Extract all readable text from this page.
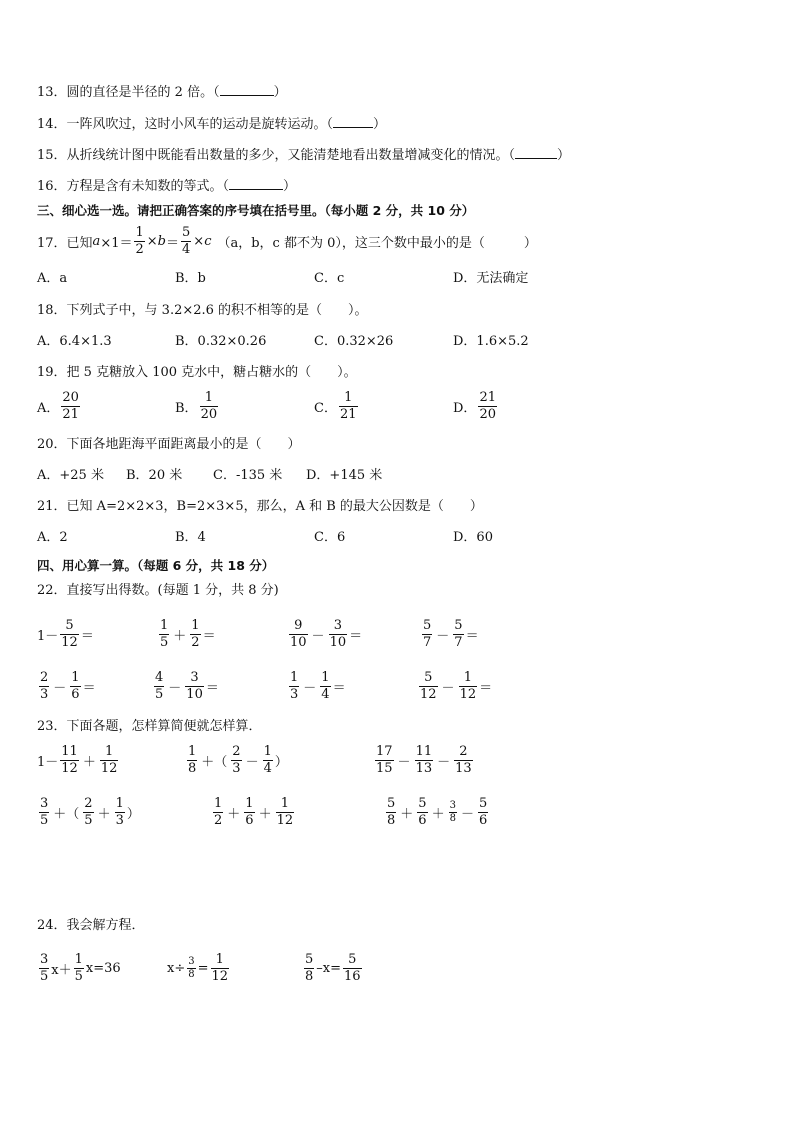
13．圆的直径是半径的 2 倍。（	）
14．一阵风吹过，这时小风车的运动是旋转运动。（	）
15．从折线统计图中既能看出数量的多少，又能清楚地看出数量增减变化的情况。（	）
16．方程是含有未知数的等式。（	）
三、细心选一选。请把正确答案的序号填在括号里。（每小题 2 分，共 10 分）
17．已知 $a \times 1= \frac{1}{2} \times b = \frac{5}{4} \times c$ （a，b，c 都不为 0），这三个数中最小的是（　　　）
A．a	B．b	C．c	D．无法确定
18．下列式子中，与 3.2×2.6 的积不相等的是（　　）。
A．6.4×1.3	B．0.32×0.26	C．0.32×26	D．1.6×5.2
19．把 5 克糖放入 100 克水中，糖占糖水的（　　）。
A． $\frac{20}{21}$	B． $\frac{1}{20}$	C． $\frac{1}{21}$	D． $\frac{21}{20}$
20．下面各地距海平面距离最小的是（　　）
A．+25 米 B．20 米 C．-135 米 D．+145 米
21．已知 A=2×2×3，B=2×3×5，那么，A 和 B 的最大公因数是（　　）
A．2	B．4	C．6	D．60
四、用心算一算。（每题 6 分，共 18 分）
22．直接写出得数。(每题 1 分，共 8 分)
$1- \frac{5}{12}$ ＝	$\frac{1}{5} + \frac{1}{2}$ ＝	$\frac{9}{10} - \frac{3}{10}$ ＝	$\frac{5}{7} - \frac{5}{7}$ ＝
$\frac{2}{3} - \frac{1}{6}$ ＝	$\frac{4}{5} - \frac{3}{10}$ ＝	$\frac{1}{3} - \frac{1}{4}$ ＝	$\frac{5}{12} - \frac{1}{12}$ ＝
23．下面各题，怎样算简便就怎样算．
$1- \frac{11}{12} + \frac{1}{12}$	$\frac{1}{8}$ ＋（ $\frac{2}{3} - \frac{1}{4}$ ）	$\frac{17}{15} - \frac{11}{13} - \frac{2}{13}$
$\frac{3}{5}$ ＋（ $\frac{2}{5} + \frac{1}{3}$ ）	$\frac{1}{2} + \frac{1}{6} + \frac{1}{12}$	$\frac{5}{8} + \frac{5}{6} + \frac{3}{8} - \frac{5}{6}$
24．我会解方程．
$\frac{3}{5} x+ \frac{1}{5} x=36$	$x\div \frac{3}{8} = \frac{1}{12}$	$\frac{5}{8} -x= \frac{5}{16}$
